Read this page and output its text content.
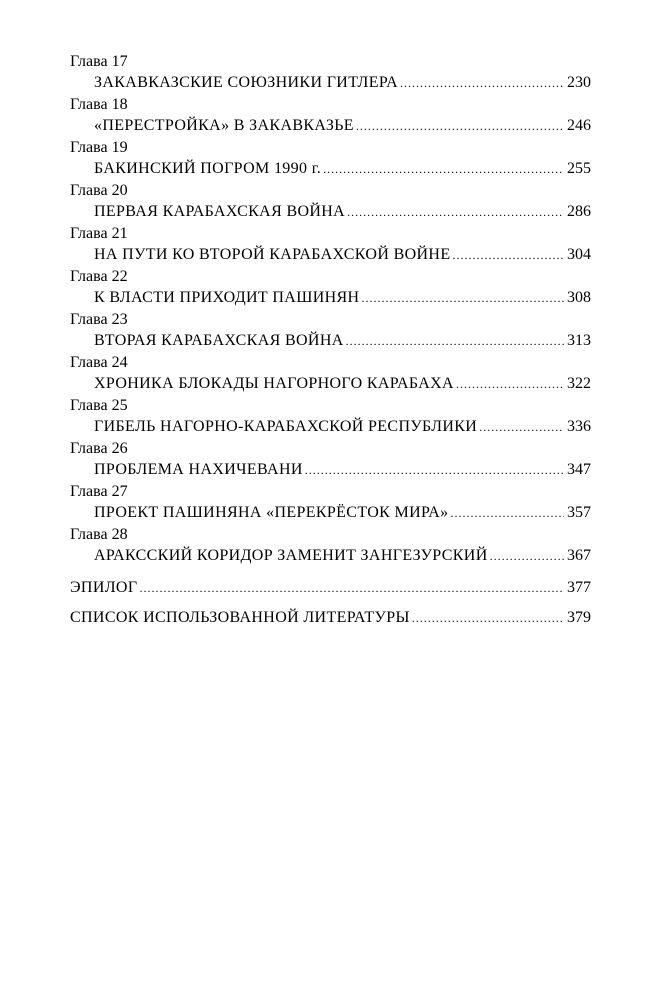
Глава 17
ЗАКАВКАЗСКИЕ СОЮЗНИКИ ГИТЛЕРА .....	230
Глава 18
«ПЕРЕСТРОЙКА» В ЗАКАВКАЗЬЕ .....	246
Глава 19
БАКИНСКИЙ ПОГРОМ 1990 г. .....	255
Глава 20
ПЕРВАЯ КАРАБАХСКАЯ ВОЙНА .....	286
Глава 21
НА ПУТИ КО ВТОРОЙ КАРАБАХСКОЙ ВОЙНЕ .....	304
Глава 22
К ВЛАСТИ ПРИХОДИТ ПАШИНЯН .....	308
Глава 23
ВТОРАЯ КАРАБАХСКАЯ ВОЙНА .....	313
Глава 24
ХРОНИКА БЛОКАДЫ НАГОРНОГО КАРАБАХА .....	322
Глава 25
ГИБЕЛЬ НАГОРНО-КАРАБАХСКОЙ РЕСПУБЛИКИ .....	336
Глава 26
ПРОБЛЕМА НАХИЧЕВАНИ .....	347
Глава 27
ПРОЕКТ ПАШИНЯНА «ПЕРЕКРЁСТОК МИРА» .....	357
Глава 28
АРАКССКИЙ КОРИДОР ЗАМЕНИТ ЗАНГЕЗУРСКИЙ .....	367
ЭПИЛОГ .....	377
СПИСОК ИСПОЛЬЗОВАННОЙ ЛИТЕРАТУРЫ .....	379
